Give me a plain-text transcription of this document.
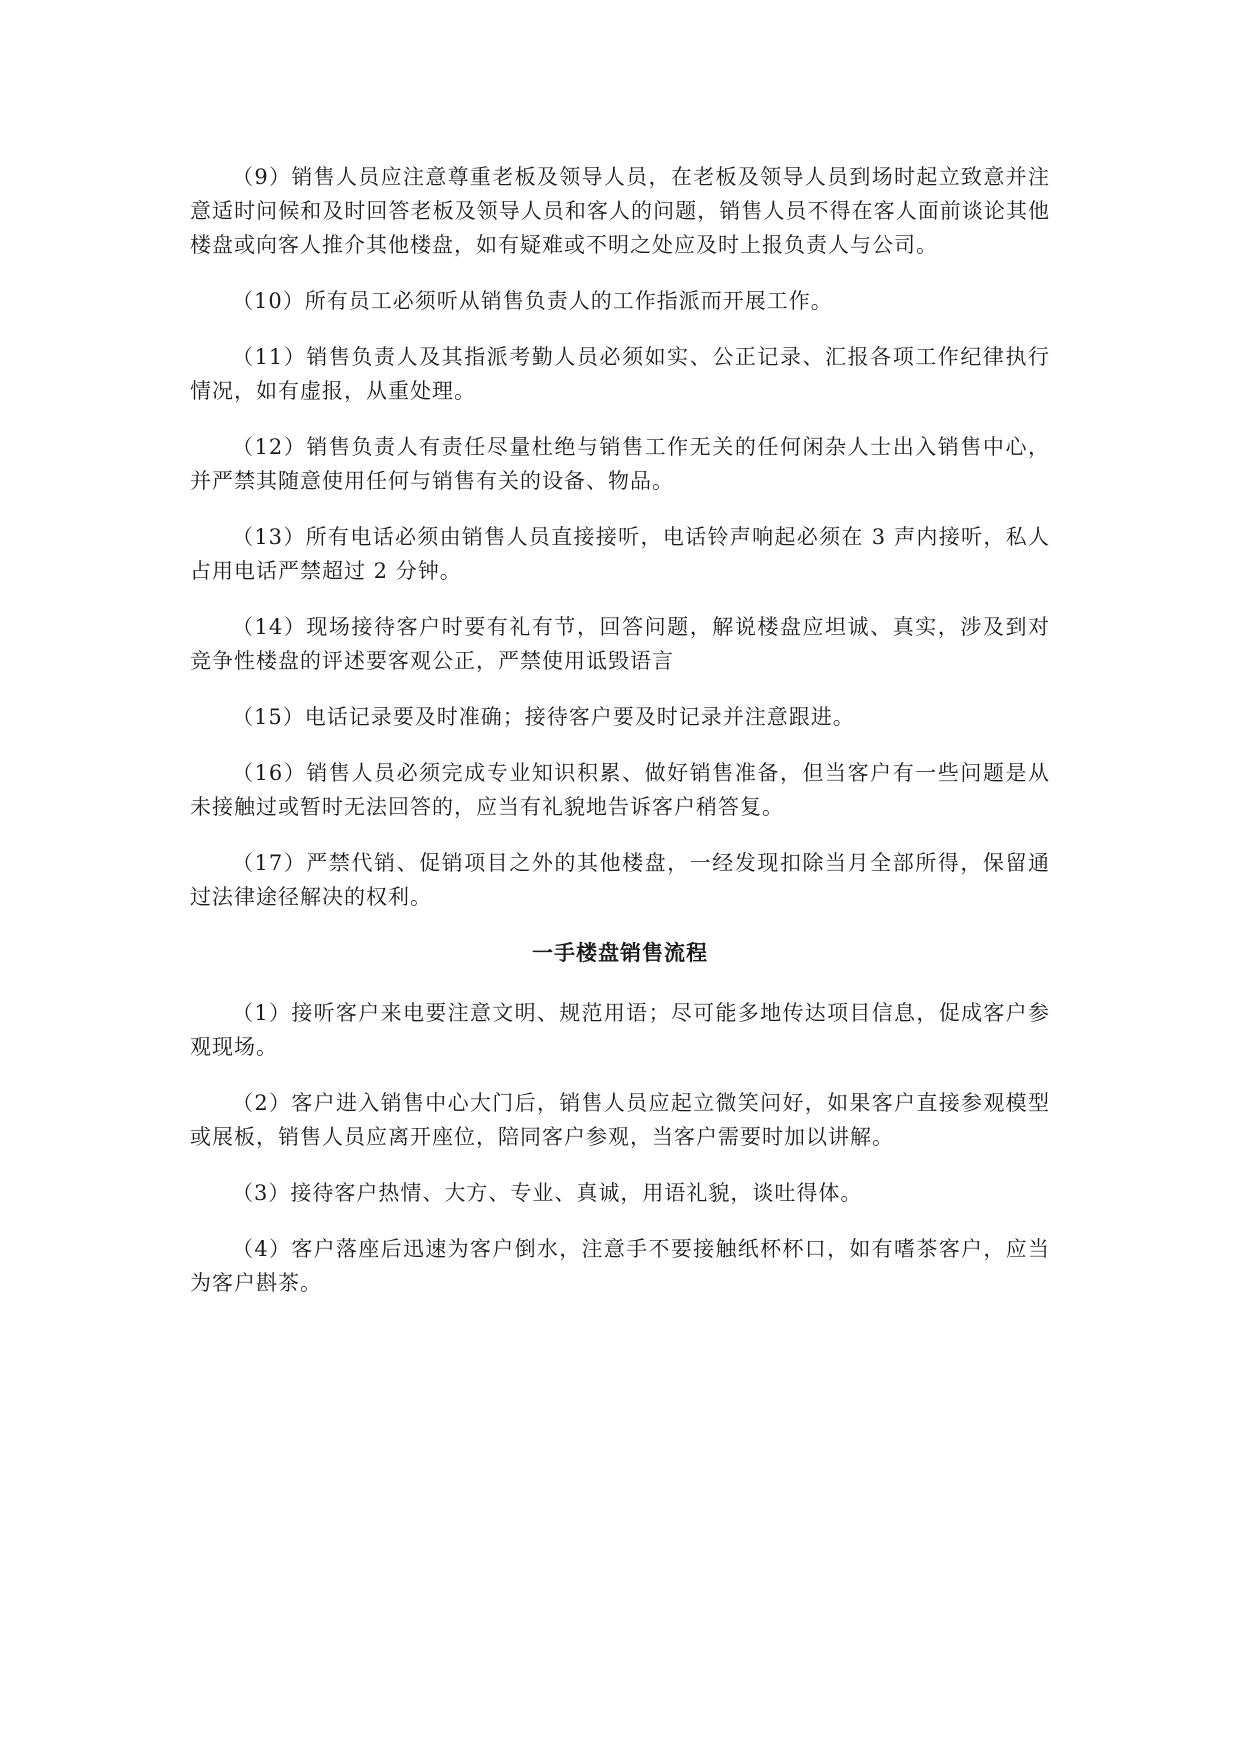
（9）销售人员应注意尊重老板及领导人员，在老板及领导人员到场时起立致意并注意适时问候和及时回答老板及领导人员和客人的问题，销售人员不得在客人面前谈论其他楼盘或向客人推介其他楼盘，如有疑难或不明之处应及时上报负责人与公司。

（10）所有员工必须听从销售负责人的工作指派而开展工作。

（11）销售负责人及其指派考勤人员必须如实、公正记录、汇报各项工作纪律执行情况，如有虚报，从重处理。

（12）销售负责人有责任尽量杜绝与销售工作无关的任何闲杂人士出入销售中心，并严禁其随意使用任何与销售有关的设备、物品。

（13）所有电话必须由销售人员直接接听，电话铃声响起必须在 3 声内接听，私人占用电话严禁超过 2 分钟。

（14）现场接待客户时要有礼有节，回答问题，解说楼盘应坦诚、真实，涉及到对竞争性楼盘的评述要客观公正，严禁使用诋毁语言

（15）电话记录要及时准确；接待客户要及时记录并注意跟进。

（16）销售人员必须完成专业知识积累、做好销售准备，但当客户有一些问题是从未接触过或暂时无法回答的，应当有礼貌地告诉客户稍答复。

（17）严禁代销、促销项目之外的其他楼盘，一经发现扣除当月全部所得，保留通过法律途径解决的权利。

一手楼盘销售流程

（1）接听客户来电要注意文明、规范用语；尽可能多地传达项目信息，促成客户参观现场。

（2）客户进入销售中心大门后，销售人员应起立微笑问好，如果客户直接参观模型或展板，销售人员应离开座位，陪同客户参观，当客户需要时加以讲解。

（3）接待客户热情、大方、专业、真诚，用语礼貌，谈吐得体。

（4）客户落座后迅速为客户倒水，注意手不要接触纸杯杯口，如有嗜茶客户，应当为客户斟茶。
